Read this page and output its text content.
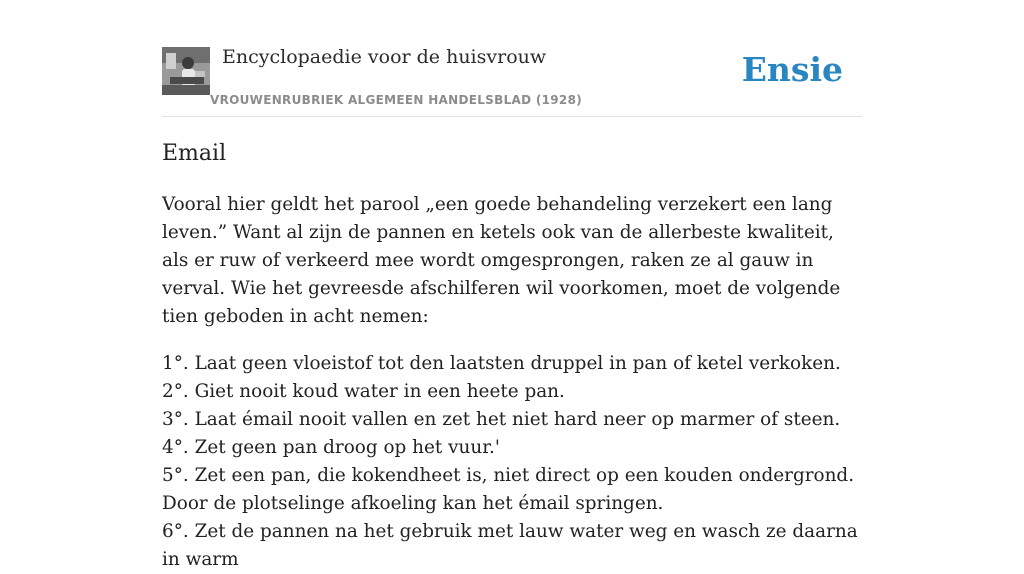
Encyclopaedie voor de huisvrouw
VROUWENRUBRIEK ALGEMEEN HANDELSBLAD (1928)
Ensie
Email

Vooral hier geldt het parool „een goede behandeling verzekert een lang leven.” Want al zijn de pannen en ketels ook van de allerbeste kwaliteit, als er ruw of verkeerd mee wordt omgesprongen, raken ze al gauw in verval. Wie het gevreesde afschilferen wil voorkomen, moet de volgende tien geboden in acht nemen:

1°. Laat geen vloeistof tot den laatsten druppel in pan of ketel verkoken.
2°. Giet nooit koud water in een heete pan.
3°. Laat émail nooit vallen en zet het niet hard neer op marmer of steen.
4°. Zet geen pan droog op het vuur.'
5°. Zet een pan, die kokendheet is, niet direct op een kouden ondergrond. Door de plotselinge afkoeling kan het émail springen.
6°. Zet de pannen na het gebruik met lauw water weg en wasch ze daarna in warm
